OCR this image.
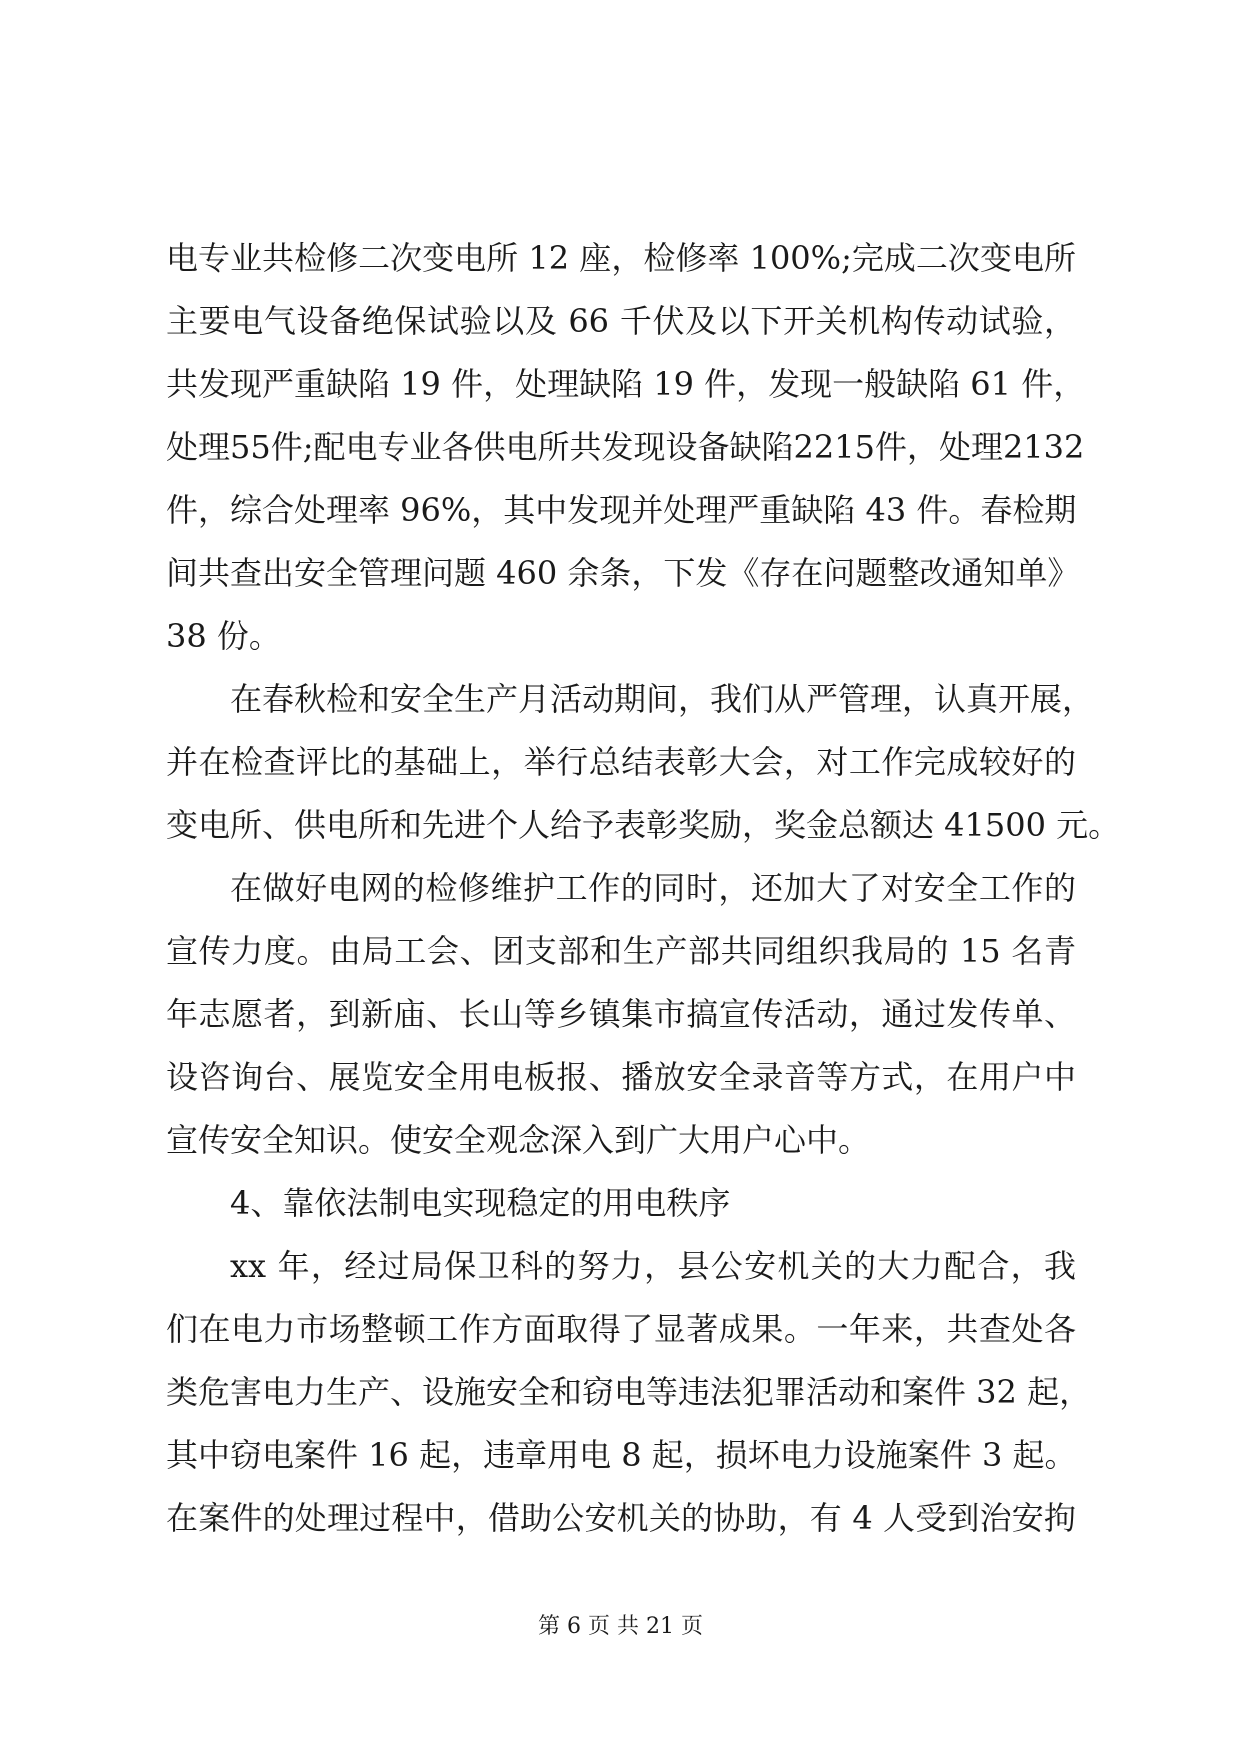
电专业共检修二次变电所 12 座，检修率 100%;完成二次变电所
主要电气设备绝保试验以及 66 千伏及以下开关机构传动试验，
共发现严重缺陷 19 件，处理缺陷 19 件，发现一般缺陷 61 件，
处理55件;配电专业各供电所共发现设备缺陷2215件，处理2132
件，综合处理率 96%，其中发现并处理严重缺陷 43 件。春检期
间共查出安全管理问题 460 余条，下发《存在问题整改通知单》
38 份。
在春秋检和安全生产月活动期间，我们从严管理，认真开展，
并在检查评比的基础上，举行总结表彰大会，对工作完成较好的
变电所、供电所和先进个人给予表彰奖励，奖金总额达 41500 元。
在做好电网的检修维护工作的同时，还加大了对安全工作的
宣传力度。由局工会、团支部和生产部共同组织我局的 15 名青
年志愿者，到新庙、长山等乡镇集市搞宣传活动，通过发传单、
设咨询台、展览安全用电板报、播放安全录音等方式，在用户中
宣传安全知识。使安全观念深入到广大用户心中。
4、靠依法制电实现稳定的用电秩序
xx 年，经过局保卫科的努力，县公安机关的大力配合，我
们在电力市场整顿工作方面取得了显著成果。一年来，共查处各
类危害电力生产、设施安全和窃电等违法犯罪活动和案件 32 起，
其中窃电案件 16 起，违章用电 8 起，损坏电力设施案件 3 起。
在案件的处理过程中，借助公安机关的协助，有 4 人受到治安拘
第 6 页 共 21 页
